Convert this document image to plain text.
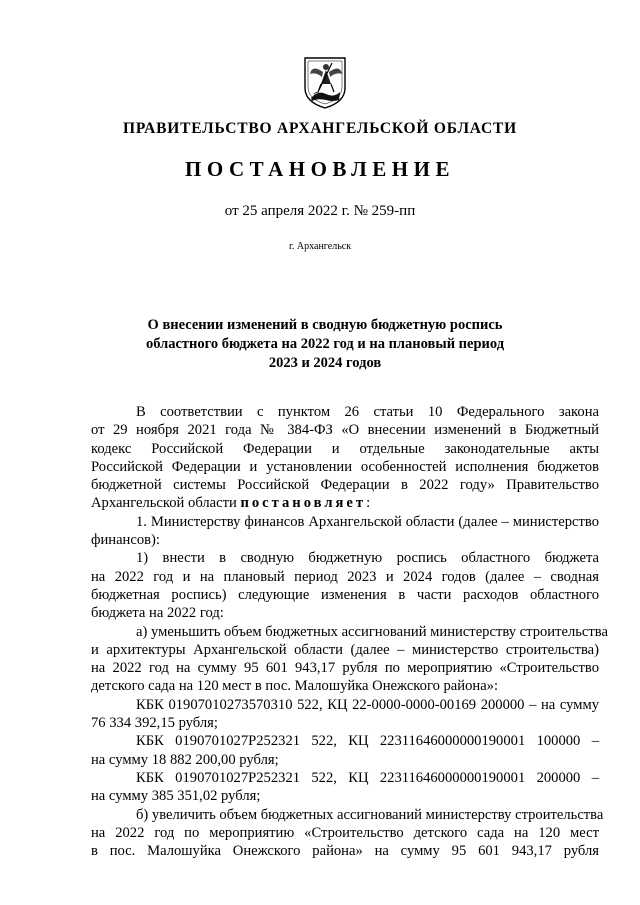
ПРАВИТЕЛЬСТВО АРХАНГЕЛЬСКОЙ ОБЛАСТИ
ПОСТАНОВЛЕНИЕ
от 25 апреля 2022 г. № 259-пп
г. Архангельск
О внесении изменений в сводную бюджетную роспись
областного бюджета на 2022 год и на плановый период
2023 и 2024 годов
В соответствии с пунктом 26 статьи 10 Федерального закона
от 29 ноября 2021 года № 384-ФЗ «О внесении изменений в Бюджетный
кодекс Российской Федерации и отдельные законодательные акты
Российской Федерации и установлении особенностей исполнения бюджетов
бюджетной системы Российской Федерации в 2022 году» Правительство
Архангельской области постановляет:
1. Министерству финансов Архангельской области (далее – министерство
финансов):
1) внести в сводную бюджетную роспись областного бюджета
на 2022 год и на плановый период 2023 и 2024 годов (далее – сводная
бюджетная роспись) следующие изменения в части расходов областного
бюджета на 2022 год:
а) уменьшить объем бюджетных ассигнований министерству строительства
и архитектуры Архангельской области (далее – министерство строительства)
на 2022 год на сумму 95 601 943,17 рубля по мероприятию «Строительство
детского сада на 120 мест в пос. Малошуйка Онежского района»:
КБК 01907010273570310 522, КЦ 22-0000-0000-00169 200000 – на сумму
76 334 392,15 рубля;
КБК 0190701027Р252321 522, КЦ 22311646000000190001 100000 –
на сумму 18 882 200,00 рубля;
КБК 0190701027Р252321 522, КЦ 22311646000000190001 200000 –
на сумму 385 351,02 рубля;
б) увеличить объем бюджетных ассигнований министерству строительства
на 2022 год по мероприятию «Строительство детского сада на 120 мест
в пос. Малошуйка Онежского района» на сумму 95 601 943,17 рубля
